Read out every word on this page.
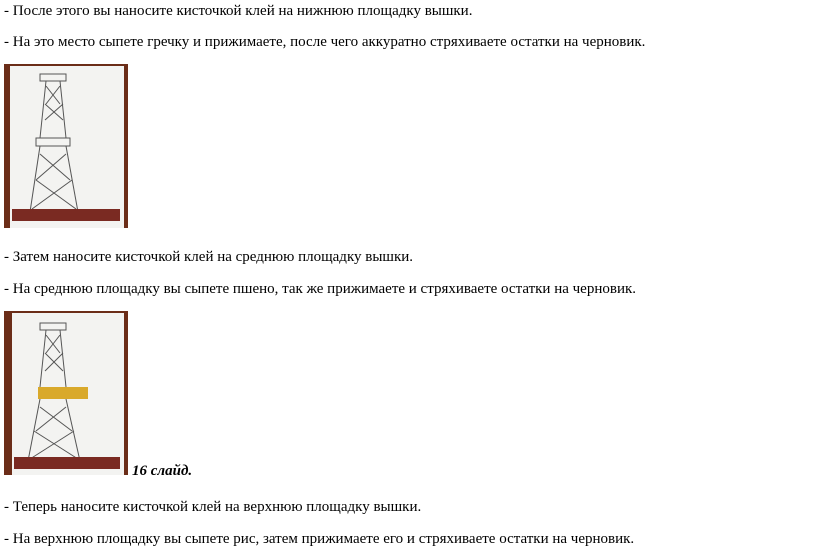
- После этого вы наносите кисточкой клей на нижнюю площадку вышки.
- На это место сыпете гречку и прижимаете, после чего аккуратно стряхиваете остатки на черновик.
- Затем наносите кисточкой клей на среднюю площадку вышки.
- На среднюю площадку вы сыпете пшено, так же прижимаете и стряхиваете остатки на черновик.
16 слайд.
- Теперь наносите кисточкой клей на верхнюю площадку вышки.
- На верхнюю площадку вы сыпете рис, затем прижимаете его и стряхиваете остатки на черновик.
